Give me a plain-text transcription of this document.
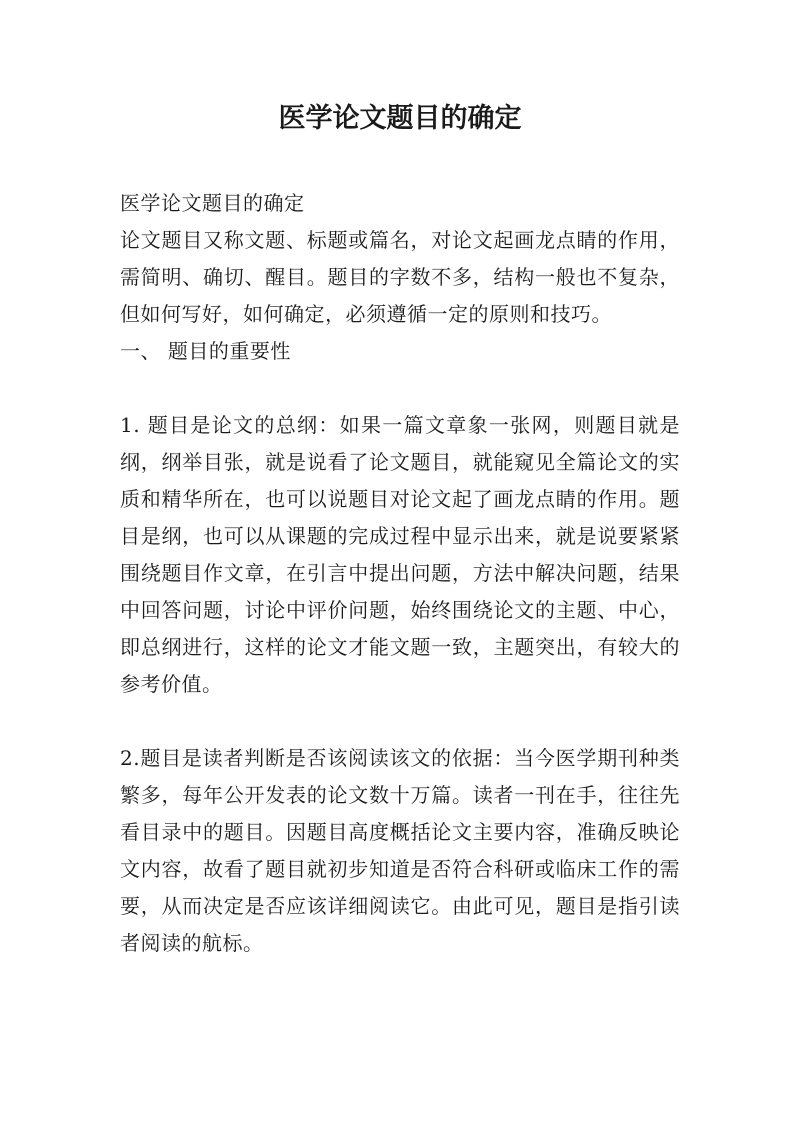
医学论文题目的确定

医学论文题目的确定

论文题目又称文题、标题或篇名，对论文起画龙点睛的作用，需简明、确切、醒目。题目的字数不多，结构一般也不复杂，但如何写好，如何确定，必须遵循一定的原则和技巧。

一、 题目的重要性

1. 题目是论文的总纲：如果一篇文章象一张网，则题目就是纲，纲举目张，就是说看了论文题目，就能窥见全篇论文的实质和精华所在，也可以说题目对论文起了画龙点睛的作用。题目是纲，也可以从课题的完成过程中显示出来，就是说要紧紧围绕题目作文章，在引言中提出问题，方法中解决问题，结果中回答问题，讨论中评价问题，始终围绕论文的主题、中心，即总纲进行，这样的论文才能文题一致，主题突出，有较大的参考价值。

2.题目是读者判断是否该阅读该文的依据：当今医学期刊种类繁多，每年公开发表的论文数十万篇。读者一刊在手，往往先看目录中的题目。因题目高度概括论文主要内容，准确反映论文内容，故看了题目就初步知道是否符合科研或临床工作的需要，从而决定是否应该详细阅读它。由此可见，题目是指引读者阅读的航标。
